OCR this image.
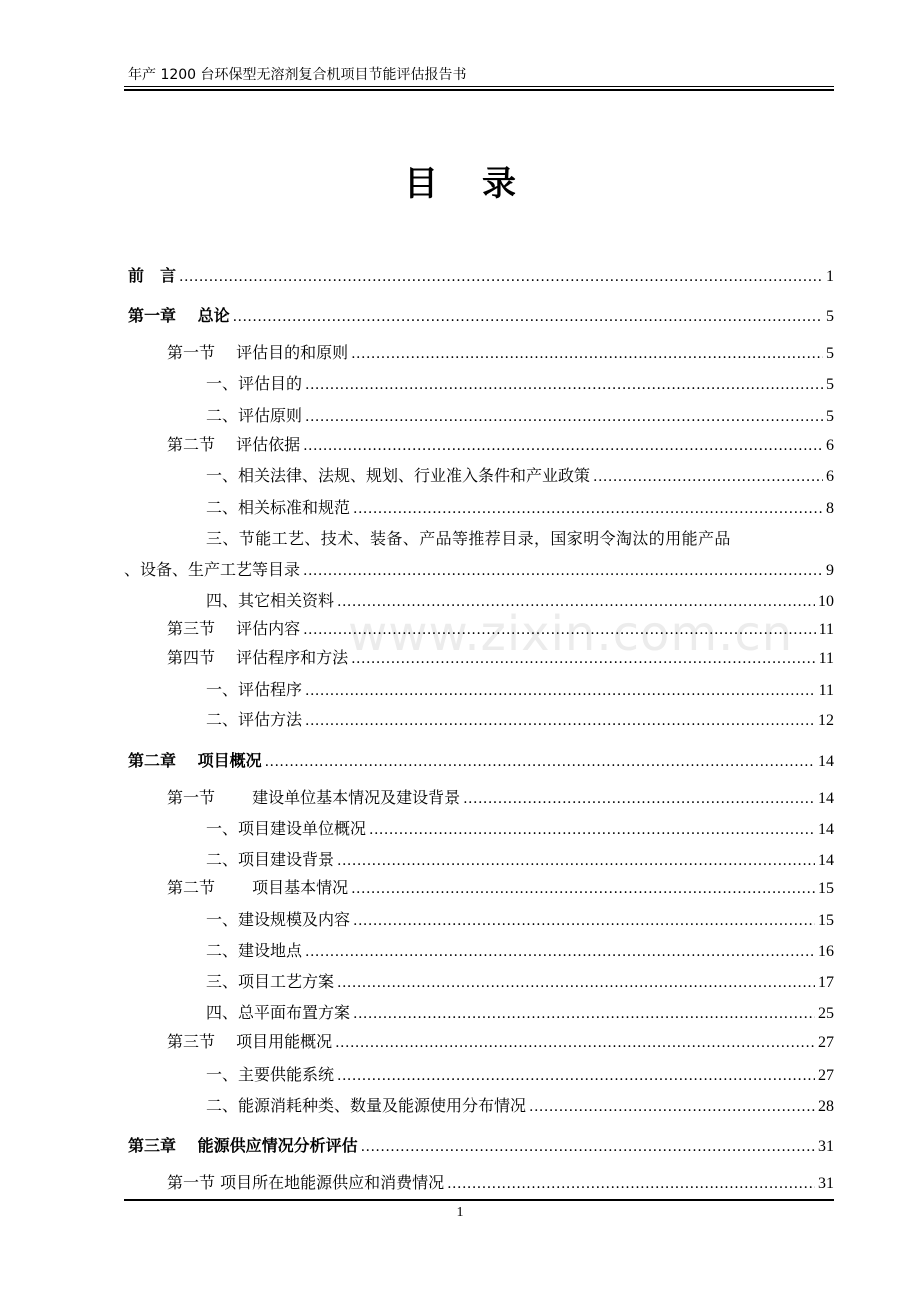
年产 1200 台环保型无溶剂复合机项目节能评估报告书
目录
www.zixin.com.cn
前　言 .....	1
第一章　 总论 .....	5
第一节　 评估目的和原则 .....	5
一、评估目的 .....	5
二、评估原则 .....	5
第二节　 评估依据 .....	6
一、相关法律、法规、规划、行业准入条件和产业政策 .....	6
二、相关标准和规范 .....	8
三、节能工艺、技术、装备、产品等推荐目录，国家明令淘汰的用能产品
、设备、生产工艺等目录 .....	9
四、其它相关资料 .....	10
第三节　 评估内容 .....	11
第四节　 评估程序和方法 .....	11
一、评估程序 .....	11
二、评估方法 .....	12
第二章　 项目概况 .....	14
第一节　　 建设单位基本情况及建设背景 .....	14
一、项目建设单位概况 .....	14
二、项目建设背景 .....	14
第二节　　 项目基本情况 .....	15
一、建设规模及内容 .....	15
二、建设地点 .....	16
三、项目工艺方案 .....	17
四、总平面布置方案 .....	25
第三节　 项目用能概况 .....	27
一、主要供能系统 .....	27
二、能源消耗种类、数量及能源使用分布情况 .....	28
第三章　 能源供应情况分析评估 .....	31
第一节 项目所在地能源供应和消费情况 .....	31
1
